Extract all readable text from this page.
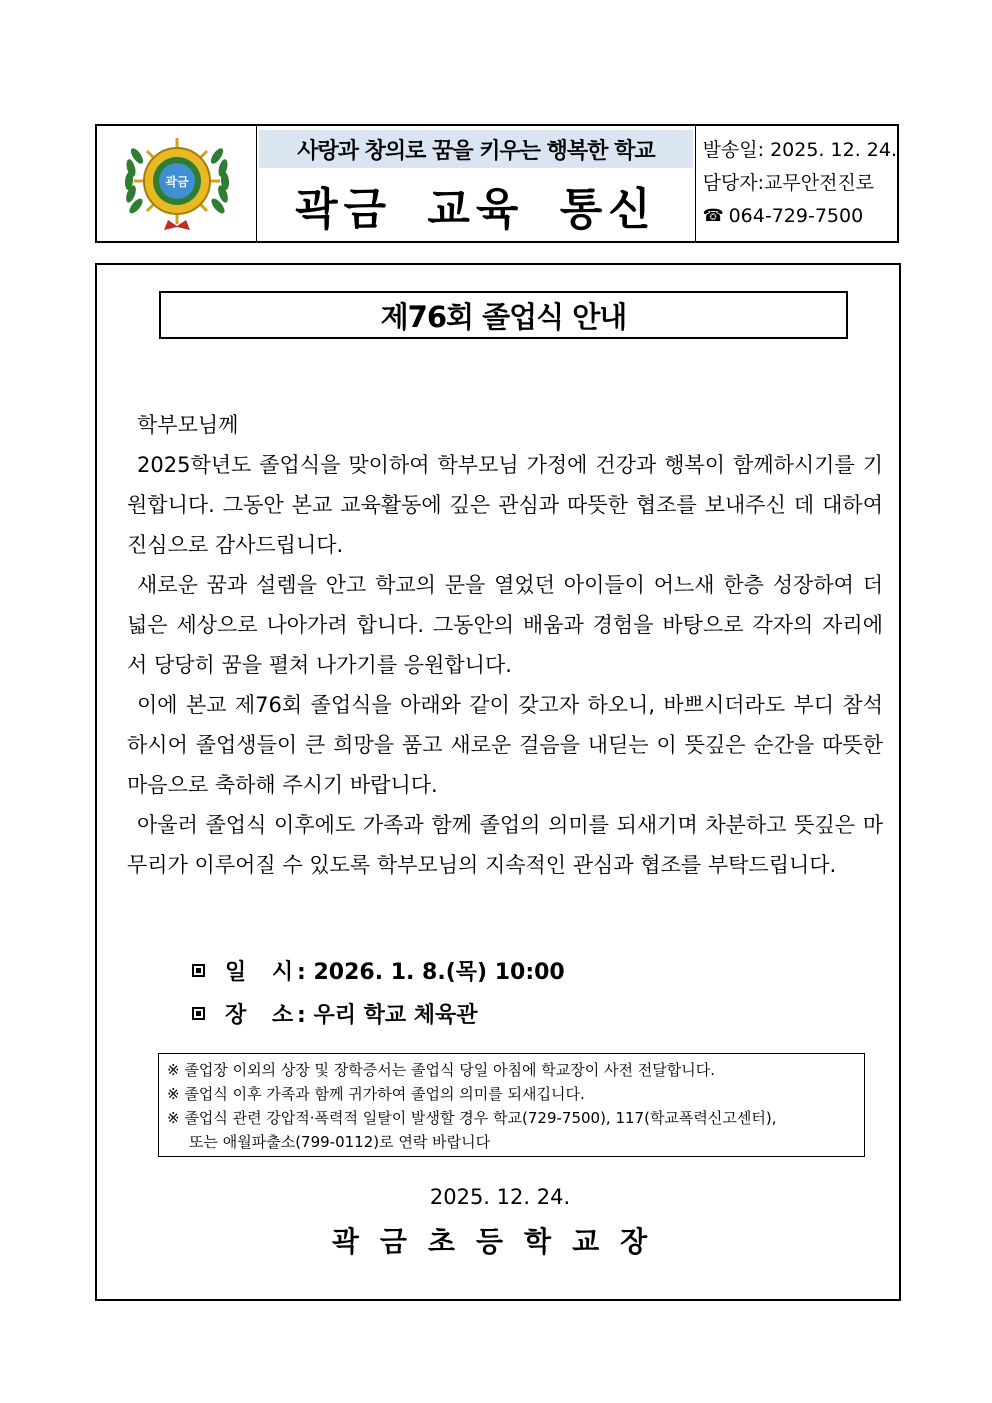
곽금
사랑과 창의로 꿈을 키우는 행복한 학교
곽금 교육 통신
발송일: 2025. 12. 24.
담당자:교무안전진로
☎ 064-729-7500
제76회 졸업식 안내

학부모님께

2025학년도 졸업식을 맞이하여 학부모님 가정에 건강과 행복이 함께하시기를 기원합니다. 그동안 본교 교육활동에 깊은 관심과 따뜻한 협조를 보내주신 데 대하여 진심으로 감사드립니다.

새로운 꿈과 설렘을 안고 학교의 문을 열었던 아이들이 어느새 한층 성장하여 더 넓은 세상으로 나아가려 합니다. 그동안의 배움과 경험을 바탕으로 각자의 자리에서 당당히 꿈을 펼쳐 나가기를 응원합니다.

이에 본교 제76회 졸업식을 아래와 같이 갖고자 하오니, 바쁘시더라도 부디 참석하시어 졸업생들이 큰 희망을 품고 새로운 걸음을 내딛는 이 뜻깊은 순간을 따뜻한 마음으로 축하해 주시기 바랍니다.

아울러 졸업식 이후에도 가족과 함께 졸업의 의미를 되새기며 차분하고 뜻깊은 마무리가 이루어질 수 있도록 학부모님의 지속적인 관심과 협조를 부탁드립니다.

일 시 : 2026. 1. 8.(목) 10:00
장 소 : 우리 학교 체육관
※ 졸업장 이외의 상장 및 장학증서는 졸업식 당일 아침에 학교장이 사전 전달합니다.
※ 졸업식 이후 가족과 함께 귀가하여 졸업의 의미를 되새깁니다.
※ 졸업식 관련 강압적·폭력적 일탈이 발생할 경우 학교(729-7500), 117(학교폭력신고센터),
또는 애월파출소(799-0112)로 연락 바랍니다
2025. 12. 24.
곽금초등학교장
